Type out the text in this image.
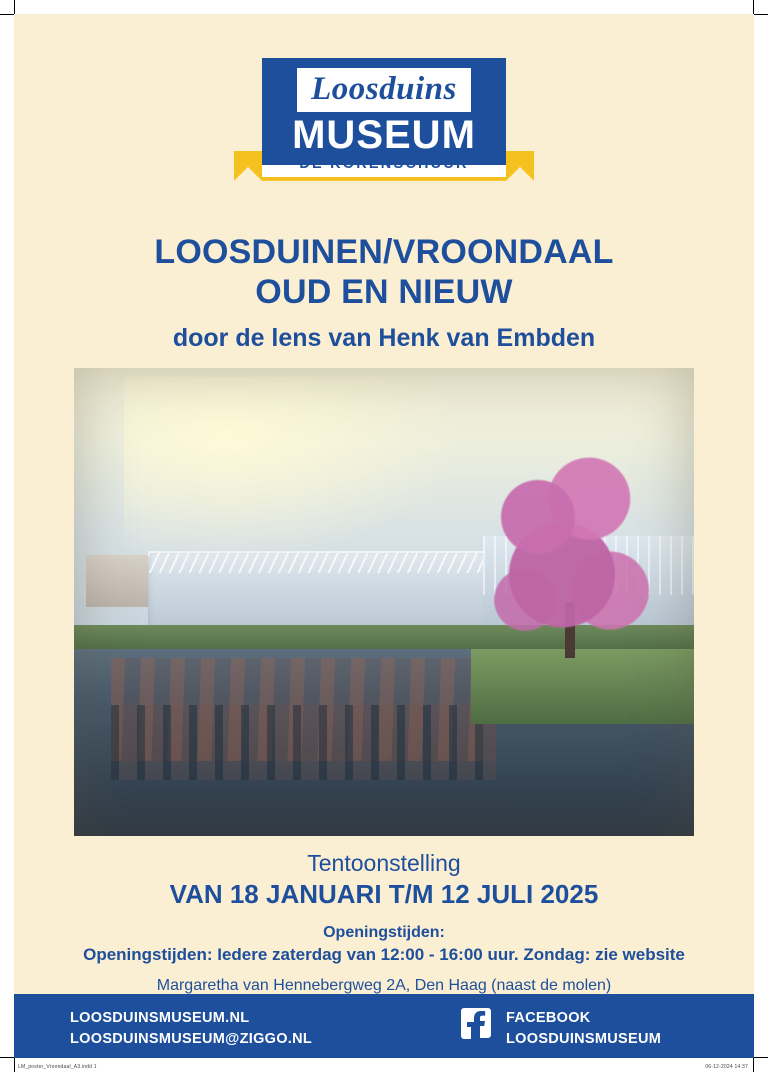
Loosduins
MUSEUM
LOOSDUINEN/VROONDAAL
OUD EN NIEUW
door de lens van Henk van Embden
Tentoonstelling
VAN 18 JANUARI T/M 12 JULI 2025
Openingstijden:
Openingstijden: Iedere zaterdag van 12:00 - 16:00 uur. Zondag: zie website
Margaretha van Hennebergweg 2A, Den Haag (naast de molen)
LOOSDUINSMUSEUM.NL
LOOSDUINSMUSEUM@ZIGGO.NL
FACEBOOK
LOOSDUINSMUSEUM
LM_poster_Vroondaal_A3.indd 1	06-12-2024 14:37
